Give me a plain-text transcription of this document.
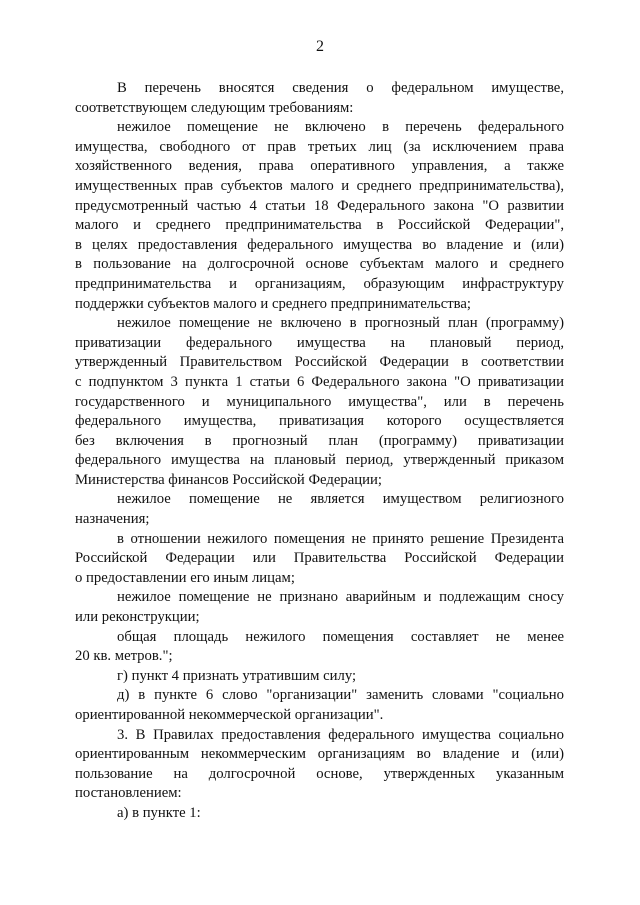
2
В перечень вносятся сведения о федеральном имуществе,
соответствующем следующим требованиям:
нежилое помещение не включено в перечень федерального
имущества, свободного от прав третьих лиц (за исключением права
хозяйственного ведения, права оперативного управления, а также
имущественных прав субъектов малого и среднего предпринимательства),
предусмотренный частью 4 статьи 18 Федерального закона "О развитии
малого и среднего предпринимательства в Российской Федерации",
в целях предоставления федерального имущества во владение и (или)
в пользование на долгосрочной основе субъектам малого и среднего
предпринимательства и организациям, образующим инфраструктуру
поддержки субъектов малого и среднего предпринимательства;
нежилое помещение не включено в прогнозный план (программу)
приватизации федерального имущества на плановый период,
утвержденный Правительством Российской Федерации в соответствии
с подпунктом 3 пункта 1 статьи 6 Федерального закона "О приватизации
государственного и муниципального имущества", или в перечень
федерального имущества, приватизация которого осуществляется
без включения в прогнозный план (программу) приватизации
федерального имущества на плановый период, утвержденный приказом
Министерства финансов Российской Федерации;
нежилое помещение не является имуществом религиозного
назначения;
в отношении нежилого помещения не принято решение Президента
Российской Федерации или Правительства Российской Федерации
о предоставлении его иным лицам;
нежилое помещение не признано аварийным и подлежащим сносу
или реконструкции;
общая площадь нежилого помещения составляет не менее
20 кв. метров.";
г) пункт 4 признать утратившим силу;
д) в пункте 6 слово "организации" заменить словами "социально
ориентированной некоммерческой организации".
3. В Правилах предоставления федерального имущества социально
ориентированным некоммерческим организациям во владение и (или)
пользование на долгосрочной основе, утвержденных указанным
постановлением:
а) в пункте 1:
